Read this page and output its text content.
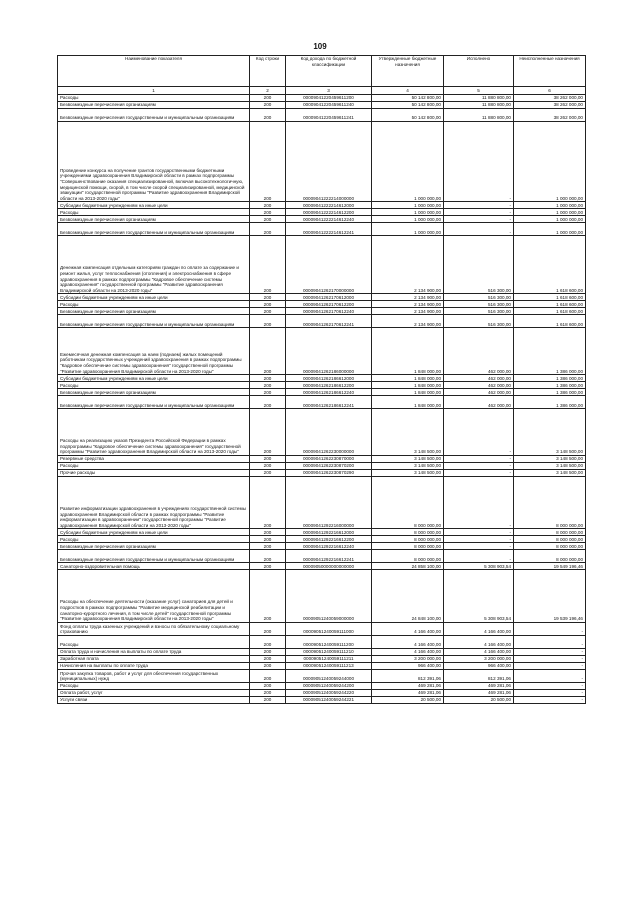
109
Наименование показателя	Код строки	Код дохода по бюджетной классификации	Утвержденные бюджетные назначения	Исполнено	Неисполненные назначения
1	2	3	4	5	6
Расходы	200	00009041220459611200	50 142 800,00	11 880 800,00	38 262 000,00
Безвозмездные перечисления организациям	200	00009041220459611240	50 142 800,00	11 880 800,00	38 262 000,00
Безвозмездные перечисления государственным и муниципальным организациям	200	00009041220459611241	50 142 800,00	11 880 800,00	38 262 000,00
Проведение конкурса на получение грантов государственными бюджетными учреждениями здравоохранения Владимирской области в рамках подпрограммы "Совершенствование оказания специализированной, включая высокотехнологичную, медицинской помощи, скорой, в том числе скорой специализированной, медицинской эвакуации" государственной программы "Развитие здравоохранения Владимирской области на 2013-2020 годы"	200	00009041222214000000	1 000 000,00	-	1 000 000,00
Субсидии бюджетным учреждениям на иные цели	200	00009041222214612000	1 000 000,00	-	1 000 000,00
Расходы	200	00009041222214612200	1 000 000,00	-	1 000 000,00
Безвозмездные перечисления организациям	200	00009041222214612240	1 000 000,00	-	1 000 000,00
Безвозмездные перечисления государственным и муниципальным организациям	200	00009041222214612241	1 000 000,00	-	1 000 000,00
Денежная компенсация отдельным категориям граждан по оплате за содержание и ремонт жилья, услуг теплоснабжения (отопления) и электроснабжения в сфере здравоохранения в рамках подпрограммы "Кадровое обеспечение системы здравоохранения" государственной программы "Развитие здравоохранения Владимирской области на 2013-2020 годы"	200	00009041262170000000	2 134 900,00	516 300,00	1 618 600,00
Субсидии бюджетным учреждениям на иные цели	200	00009041262170612000	2 134 900,00	516 300,00	1 618 600,00
Расходы	200	00009041262170612200	2 134 900,00	516 300,00	1 618 600,00
Безвозмездные перечисления организациям	200	00009041262170612240	2 134 900,00	516 300,00	1 618 600,00
Безвозмездные перечисления государственным и муниципальным организациям	200	00009041262170612241	2 134 900,00	516 300,00	1 618 600,00
Ежемесячная денежная компенсация за наем (поднаем) жилых помещений работникам государственных учреждений здравоохранения в рамках подпрограммы "Кадровое обеспечение системы здравоохранения" государственной программы "Развитие здравоохранения Владимирской области на 2013-2020 годы"	200	00009041262186000000	1 848 000,00	462 000,00	1 386 000,00
Субсидии бюджетным учреждениям на иные цели	200	00009041262186612000	1 848 000,00	462 000,00	1 386 000,00
Расходы	200	00009041262186612200	1 848 000,00	462 000,00	1 386 000,00
Безвозмездные перечисления организациям	200	00009041262186612240	1 848 000,00	462 000,00	1 386 000,00
Безвозмездные перечисления государственным и муниципальным организациям	200	00009041262186612241	1 848 000,00	462 000,00	1 386 000,00
Расходы на реализацию указов Президента Российской Федерации в рамках подпрограммы "Кадровое обеспечение системы здравоохранения" государственной программы "Развитие здравоохранения Владимирской области на 2013-2020 годы"	200	00009041262230000000	3 148 500,00	-	3 148 500,00
Резервные средства	200	00009041262230870000	3 148 500,00	-	3 148 500,00
Расходы	200	00009041262230870200	3 148 500,00	-	3 148 500,00
Прочие расходы	200	00009041262230870290	3 148 500,00	-	3 148 500,00
Развитие информатизации здравоохранения в учреждениях государственной системы здравоохранения Владимирской области в рамках подпрограммы "Развитие информатизации в здравоохранении" государственной программы "Развитие здравоохранения Владимирской области на 2013-2020 годы"	200	00009041292216000000	8 000 000,00	-	8 000 000,00
Субсидии бюджетным учреждениям на иные цели	200	00009041292216612000	8 000 000,00	-	8 000 000,00
Расходы	200	00009041292216612200	8 000 000,00	-	8 000 000,00
Безвозмездные перечисления организациям	200	00009041292216612240	8 000 000,00	-	8 000 000,00
Безвозмездные перечисления государственным и муниципальным организациям	200	00009041292216612241	8 000 000,00	-	8 000 000,00
Санаторно-оздоровительная помощь	200	00009050000000000000	24 858 100,00	5 308 903,54	19 549 196,46
Расходы на обеспечение деятельности (оказание услуг) санаториев для детей и подростков в рамках подпрограммы "Развитие медицинской реабилитации и санаторно-курортного лечения, в том числе детей" государственной программы "Развитие здравоохранения Владимирской области на 2013-2020 годы"	200	00009051240059000000	24 848 100,00	5 308 903,54	19 539 196,46
Фонд оплаты труда казенных учреждений и взносы по обязательному социальному страхованию	200	00009051240059111000	4 166 400,00	4 166 400,00	-
Расходы	200	00009051240059111200	4 166 400,00	4 166 400,00	-
Оплата труда и начисления на выплаты по оплате труда	200	00009051240059111210	4 166 400,00	4 166 400,00	-
Заработная плата	200	00009051240059111211	3 200 000,00	3 200 000,00	-
Начисления на выплаты по оплате труда	200	00009051240059111213	966 400,00	966 400,00	-
Прочая закупка товаров, работ и услуг для обеспечения государственных (муниципальных) нужд	200	00009051240059244000	812 391,06	812 391,06	-
Расходы	200	00009051240059244200	469 281,06	469 281,06	-
Оплата работ, услуг	200	00009051240059244220	469 281,06	469 281,06	-
Услуги связи	200	00009051240059244221	20 500,00	20 500,00	-
